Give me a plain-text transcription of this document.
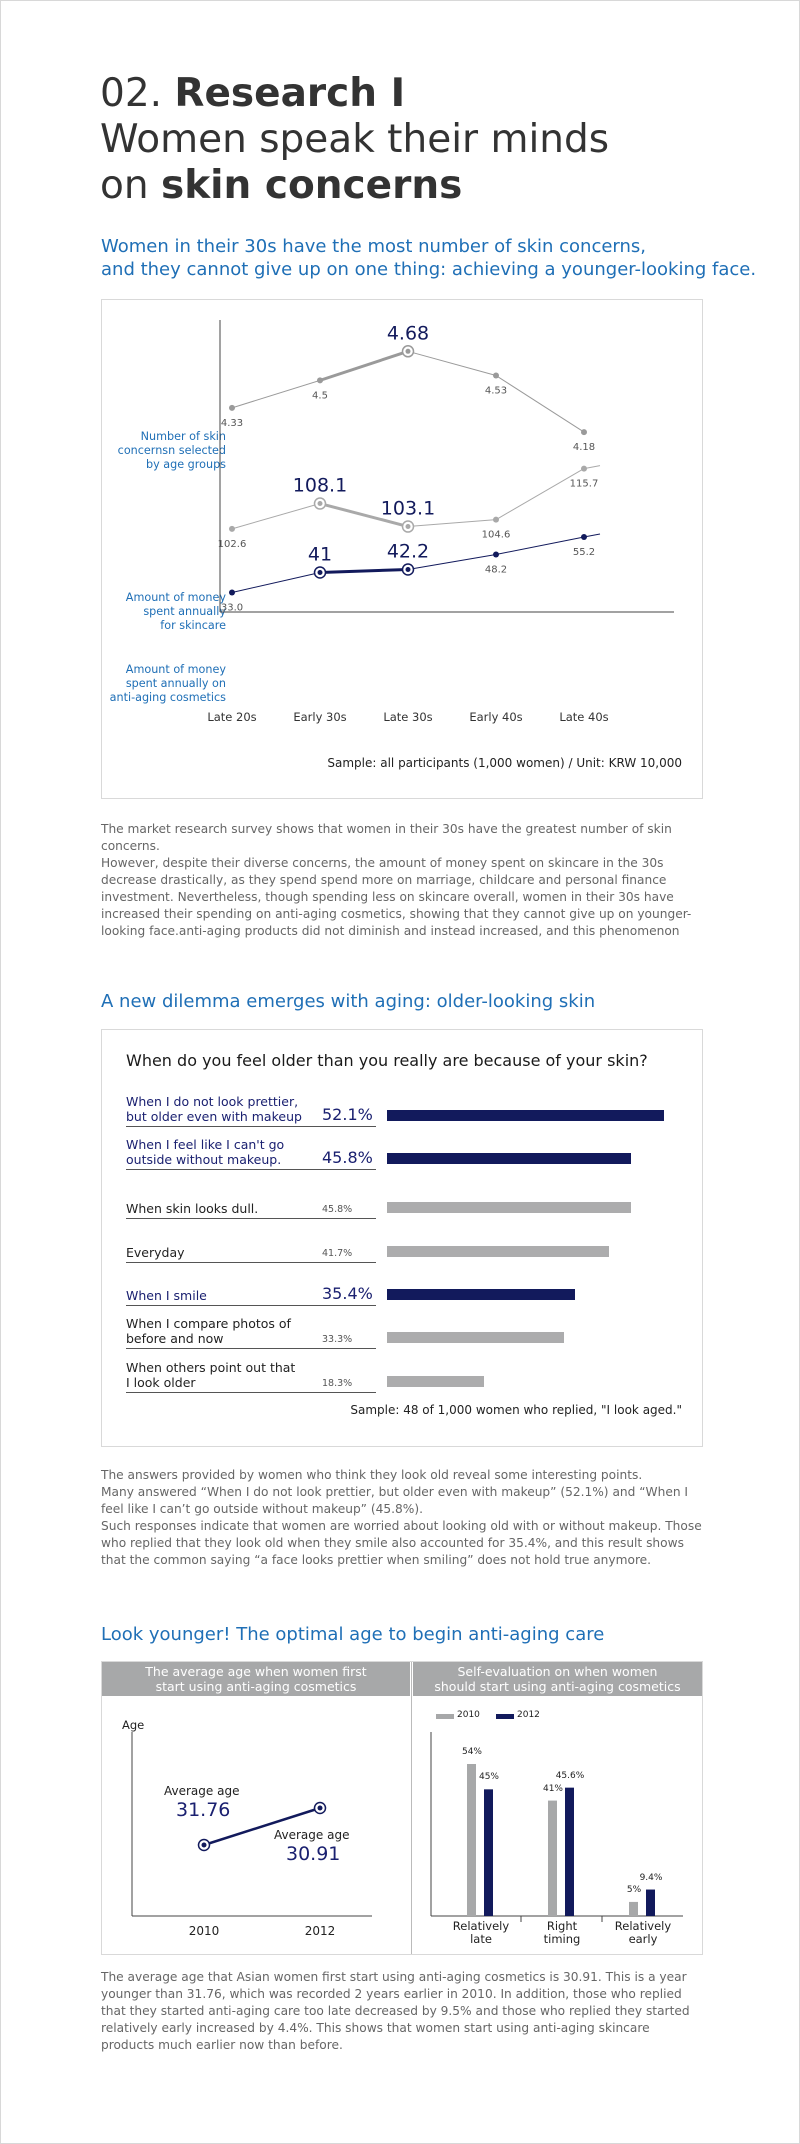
02. Research I
Women speak their minds
on skin concerns
Women in their 30s have the most number of skin concerns,
and they cannot give up on one thing: achieving a younger-looking face.
Number of skin
concernsn selected
by age groups
Amount of money
spent annually
for skincare
Amount of money
spent annually on
anti-aging cosmetics
4.33
4.5
4.68
4.53
4.18
102.6
108.1
103.1
104.6
115.7
33.0
41	42.2
48.2
55.2
Late 20s	Early 30s	Late 30s	Early 40s	Late 40s
Sample: all participants (1,000 women) / Unit: KRW 10,000

The market research survey shows that women in their 30s have the greatest number of skin concerns.

However, despite their diverse concerns, the amount of money spent on skincare in the 30s decrease drastically, as they spend spend more on marriage, childcare and personal finance investment. Nevertheless, though spending less on skincare overall, women in their 30s have increased their spending on anti-aging cosmetics, showing that they cannot give up on younger-looking face.anti-aging products did not diminish and instead increased, and this phenomenon

A new dilemma emerges with aging: older-looking skin
When do you feel older than you really are because of your skin?
When I do not look prettier,
but older even with makeup	52.1%
When I feel like I can't go
outside without makeup.	45.8%
When skin looks dull.	45.8%
Everyday	41.7%
When I smile	35.4%
When I compare photos of
before and now	33.3%
When others point out that
I look older	18.3%
Sample: 48 of 1,000 women who replied, "I look aged."

The answers provided by women who think they look old reveal some interesting points.

Many answered “When I do not look prettier, but older even with makeup” (52.1%) and “When I feel like I can’t go outside without makeup” (45.8%).

Such responses indicate that women are worried about looking old with or without makeup. Those who replied that they look old when they smile also accounted for 35.4%, and this result shows that the common saying “a face looks prettier when smiling” does not hold true anymore.

Look younger! The optimal age to begin anti-aging care
The average age when women first
start using anti-aging cosmetics
Self-evaluation on when women
should start using anti-aging cosmetics
Age
Average age
31.76
Average age
30.91
2010	2012
2010	2012
54%
45%
Relatively
late
41%
45.6%
Right
timing
5%
9.4%
Relatively
early

The average age that Asian women first start using anti-aging cosmetics is 30.91. This is a year younger than 31.76, which was recorded 2 years earlier in 2010. In addition, those who replied that they started anti-aging care too late decreased by 9.5% and those who replied they started relatively early increased by 4.4%. This shows that women start using anti-aging skincare products much earlier now than before.
